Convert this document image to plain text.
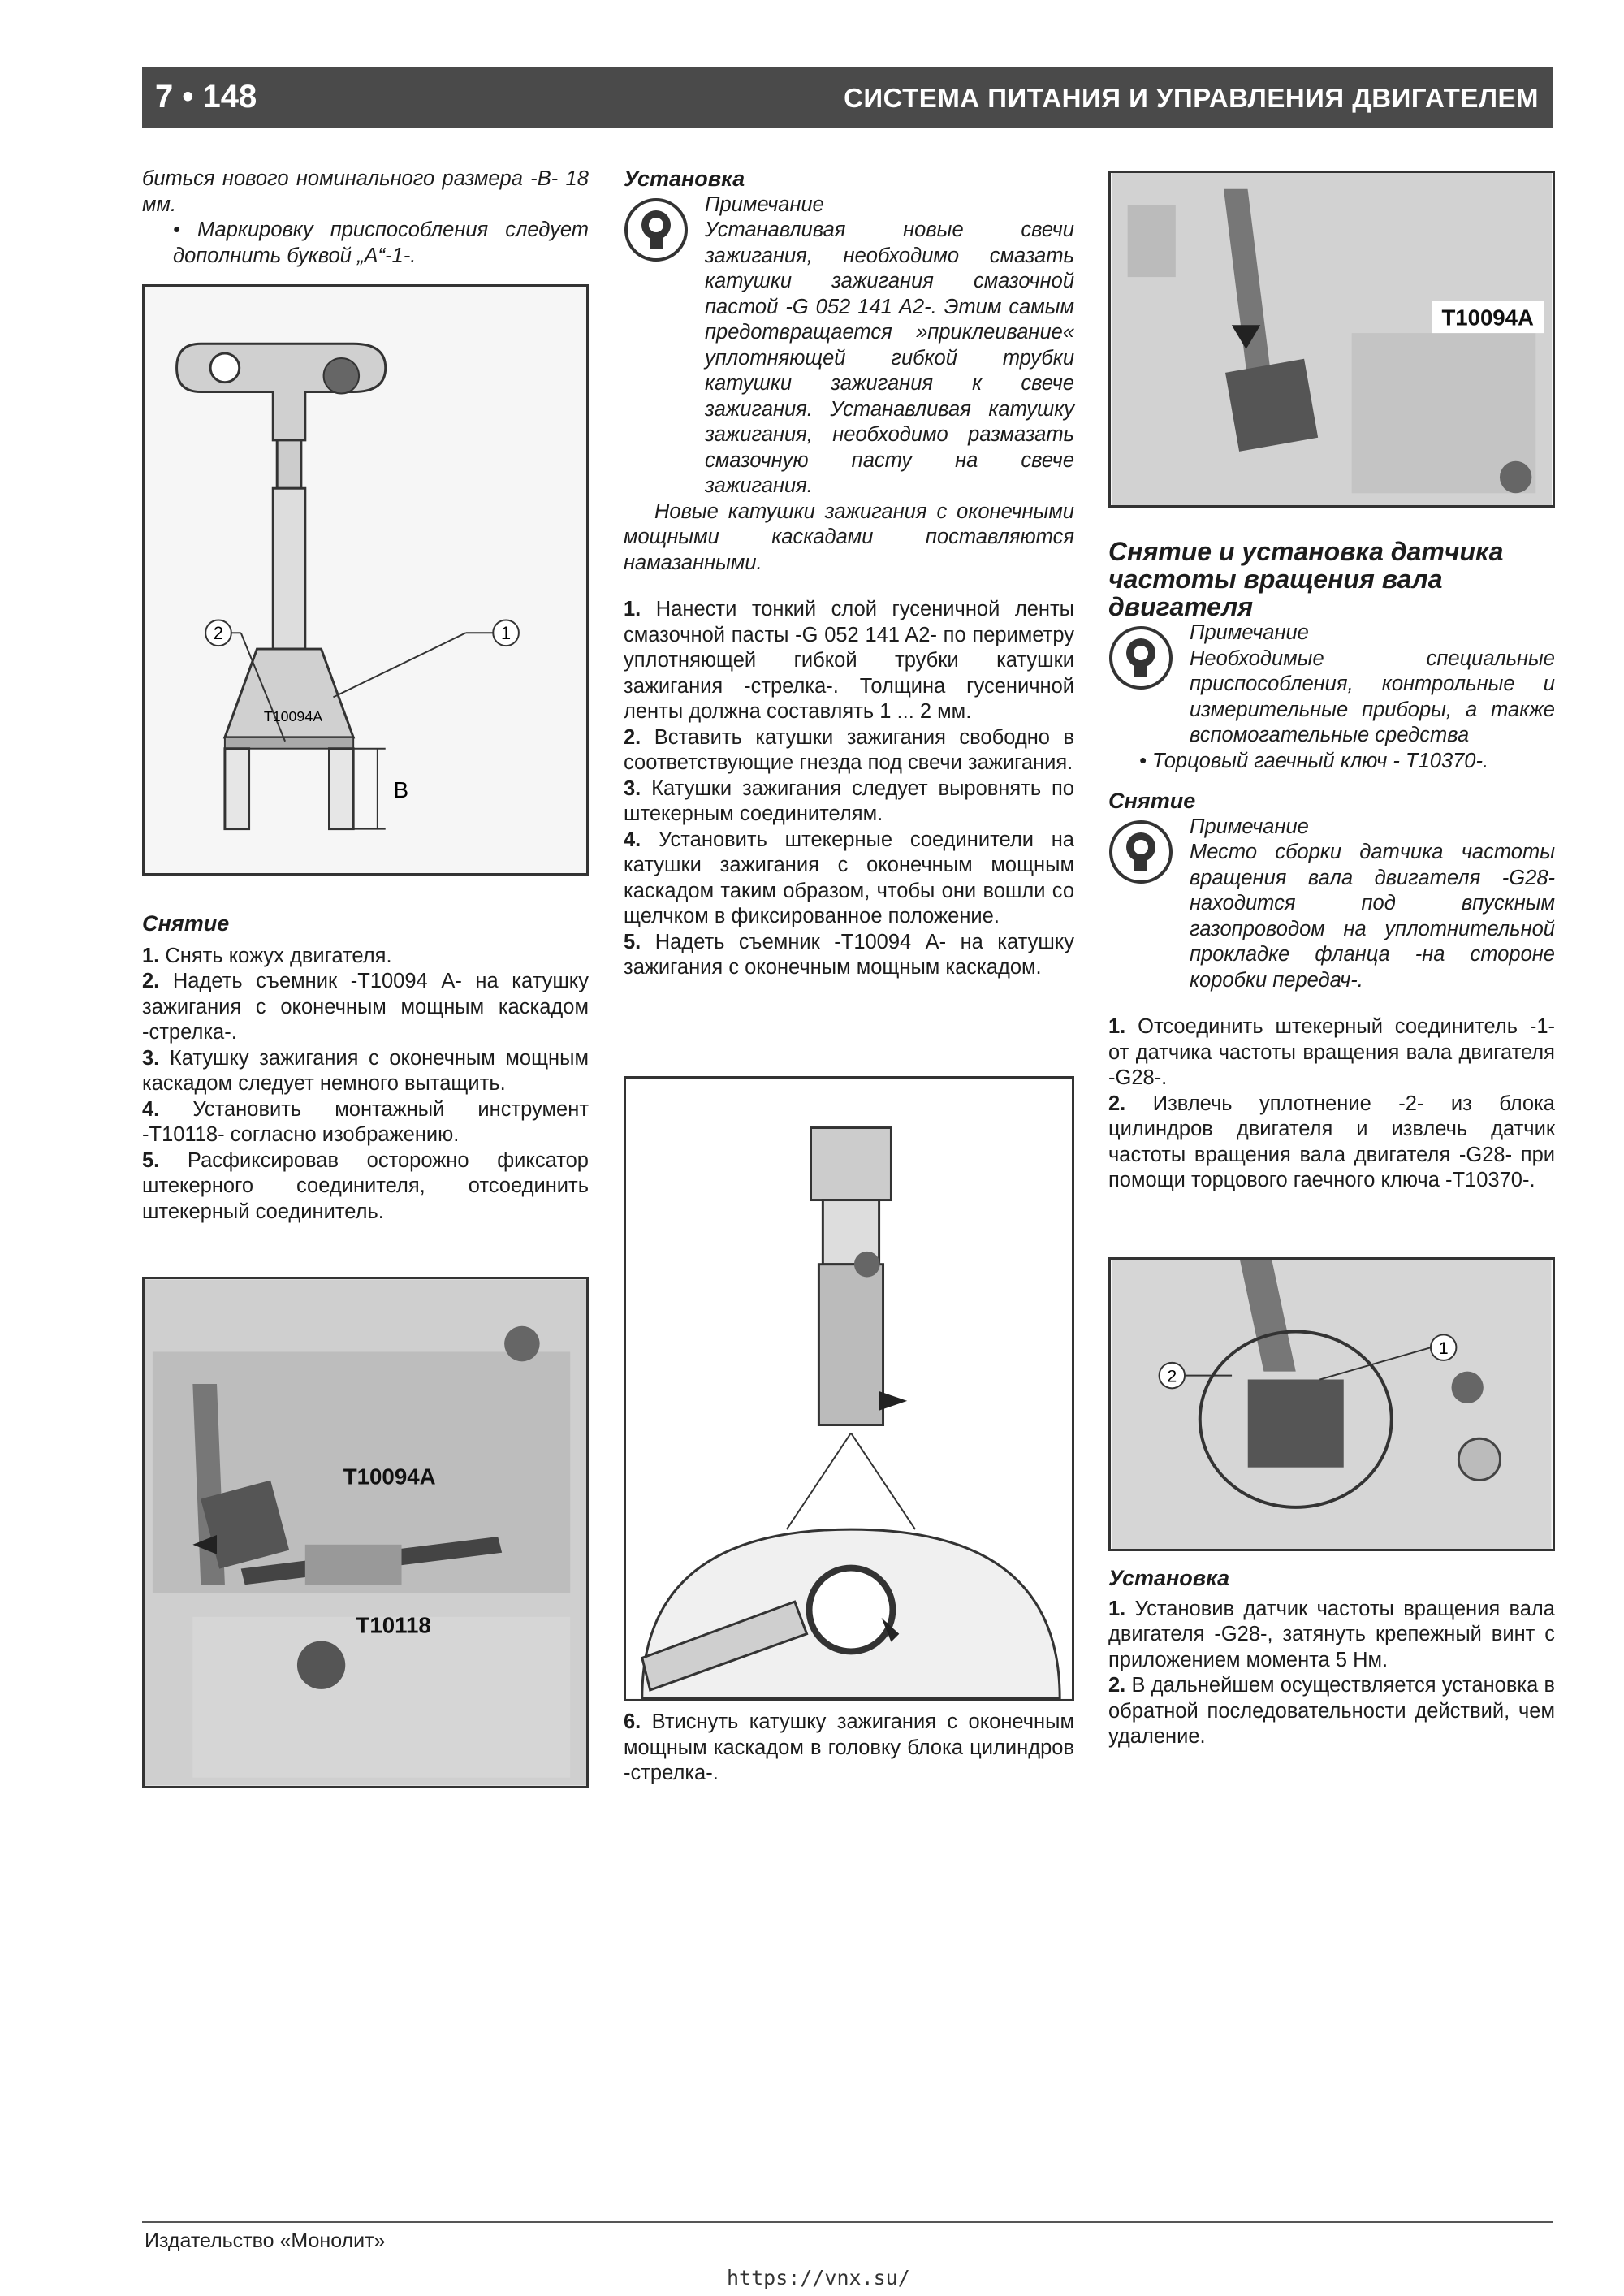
7 • 148	СИСТЕМА ПИТАНИЯ И УПРАВЛЕНИЯ ДВИГАТЕЛЕМ

биться нового номинального размера -В- 18 мм.

• Маркировку приспособления следует дополнить буквой „А“-1-.

2	1
T10094A
B

Снятие

1. Снять кожух двигателя.

2. Надеть съемник -Т10094 А- на катушку зажигания с оконечным мощным каскадом -стрелка-.

3. Катушку зажигания с оконечным мощным каскадом следует немного вытащить.

4. Установить монтажный инструмент -Т10118- согласно изображению.

5. Расфиксировав осторожно фиксатор штекерного соединителя, отсоединить штекерный соединитель.

T10094A
T10118

Установка

Примечание

Устанавливая новые свечи зажигания, необходимо смазать катушки зажигания смазочной пастой -G 052 141 A2-. Этим самым предотвращается »приклеивание« уплотняющей гибкой трубки катушки зажигания к свече зажигания. Устанавливая катушку зажигания, необходимо размазать смазочную пасту на свече зажигания.

Новые катушки зажигания с оконечными мощными каскадами поставляются намазанными.

1. Нанести тонкий слой гусеничной ленты смазочной пасты -G 052 141 A2- по периметру уплотняющей гибкой трубки катушки зажигания -стрелка-. Толщина гусеничной ленты должна составлять 1 ... 2 мм.

2. Вставить катушки зажигания свободно в соответствующие гнезда под свечи зажигания.

3. Катушки зажигания следует выровнять по штекерным соединителям.

4. Установить штекерные соединители на катушки зажигания с оконечным мощным каскадом таким образом, чтобы они вошли со щелчком в фиксированное положение.

5. Надеть съемник -Т10094 А- на катушку зажигания с оконечным мощным каскадом.

6. Втиснуть катушку зажигания с оконечным мощным каскадом в головку блока цилиндров -стрелка-.

T10094A

Снятие и установка датчика частоты вращения вала двигателя

Примечание

Необходимые специальные приспособления, контрольные и измерительные приборы, а также вспомогательные средства

• Торцовый гаечный ключ - Т10370-.

Снятие

Примечание

Место сборки датчика частоты вращения вала двигателя -G28- находится под впускным газопроводом на уплотнительной прокладке фланца -на стороне коробки передач-.

1. Отсоединить штекерный соединитель -1- от датчика частоты вращения вала двигателя -G28-.

2. Извлечь уплотнение -2- из блока цилиндров двигателя и извлечь датчик частоты вращения вала двигателя -G28- при помощи торцового гаечного ключа -Т10370-.

2
1

Установка

1. Установив датчик частоты вращения вала двигателя -G28-, затянуть крепежный винт с приложением момента 5 Нм.

2. В дальнейшем осуществляется установка в обратной последовательности действий, чем удаление.

Издательство «Монолит»
https://vnx.su/
